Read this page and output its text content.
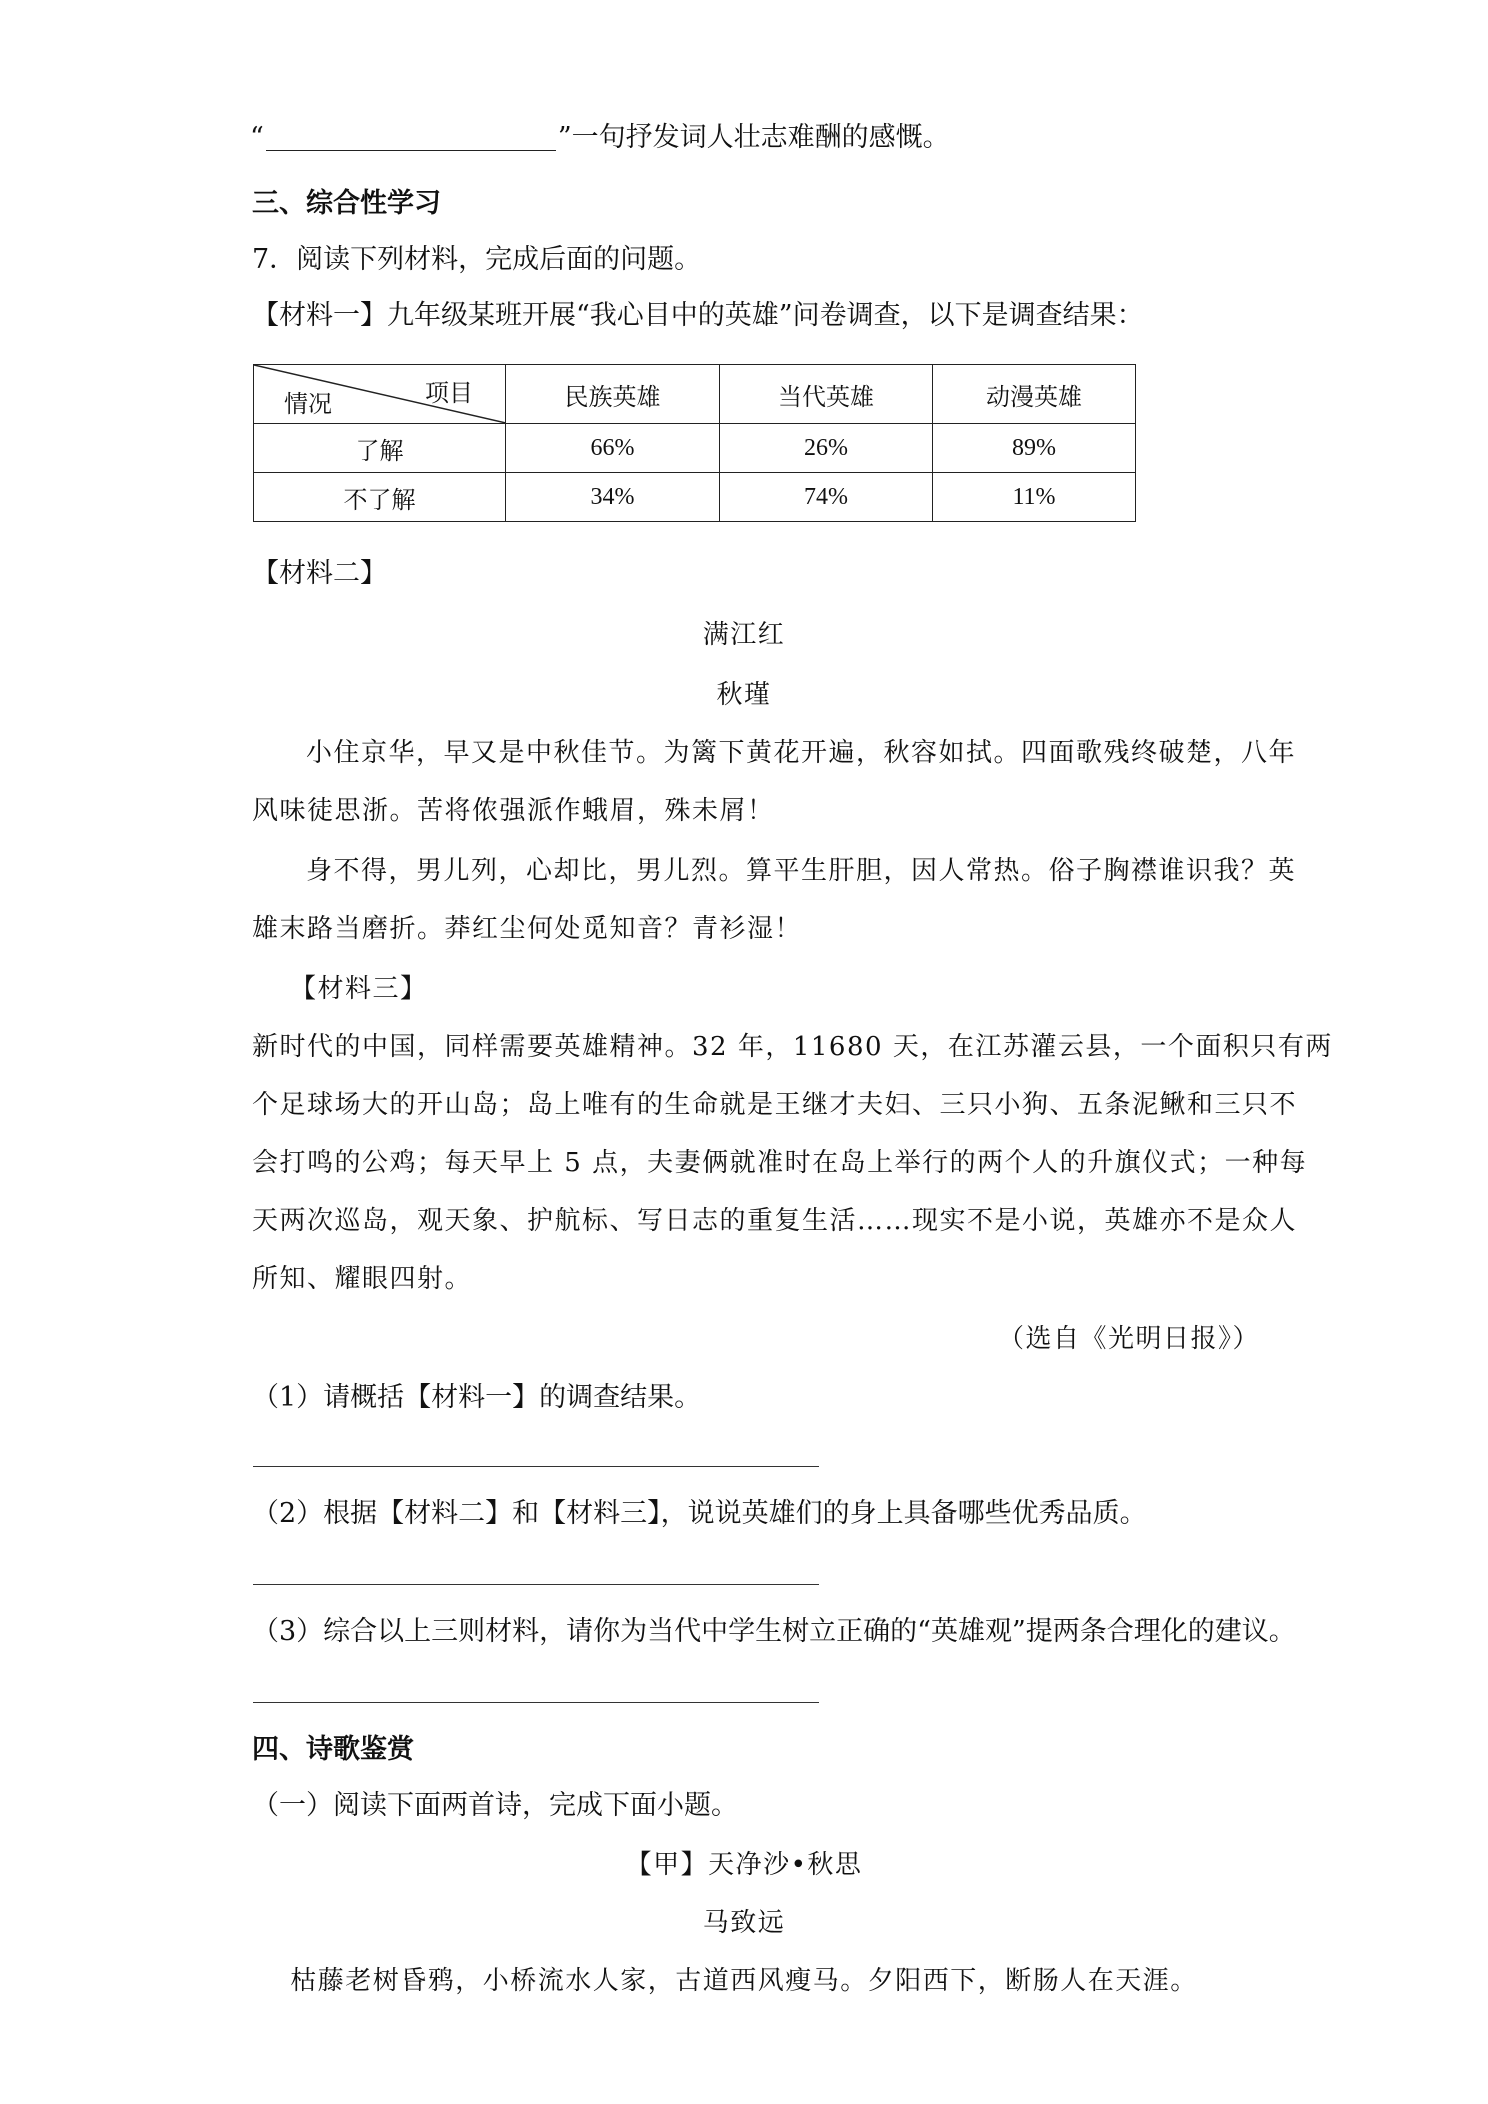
“	”一句抒发词人壮志难酬的感慨。
三、综合性学习
7．阅读下列材料，完成后面的问题。
【材料一】九年级某班开展“我心目中的英雄”问卷调查，以下是调查结果：
项目
情况	民族英雄	当代英雄	动漫英雄
了解	66%	26%	89%
不了解	34%	74%	11%
【材料二】
满江红
秋瑾
小住京华，早又是中秋佳节。为篱下黄花开遍，秋容如拭。四面歌残终破楚，八年
风味徒思浙。苦将侬强派作蛾眉，殊未屑！
身不得，男儿列，心却比，男儿烈。算平生肝胆，因人常热。俗子胸襟谁识我？英
雄末路当磨折。莽红尘何处觅知音？青衫湿！
【材料三】
新时代的中国，同样需要英雄精神。32 年，11680 天，在江苏灌云县，一个面积只有两
个足球场大的开山岛；岛上唯有的生命就是王继才夫妇、三只小狗、五条泥鳅和三只不
会打鸣的公鸡；每天早上 5 点，夫妻俩就准时在岛上举行的两个人的升旗仪式；一种每
天两次巡岛，观天象、护航标、写日志的重复生活……现实不是小说，英雄亦不是众人
所知、耀眼四射。
（选自《光明日报》）
（1）请概括【材料一】的调查结果。
（2）根据【材料二】和【材料三】，说说英雄们的身上具备哪些优秀品质。
（3）综合以上三则材料，请你为当代中学生树立正确的“英雄观”提两条合理化的建议。
四、诗歌鉴赏
（一）阅读下面两首诗，完成下面小题。
【甲】天净沙•秋思
马致远
枯藤老树昏鸦，小桥流水人家，古道西风瘦马。夕阳西下，断肠人在天涯。
